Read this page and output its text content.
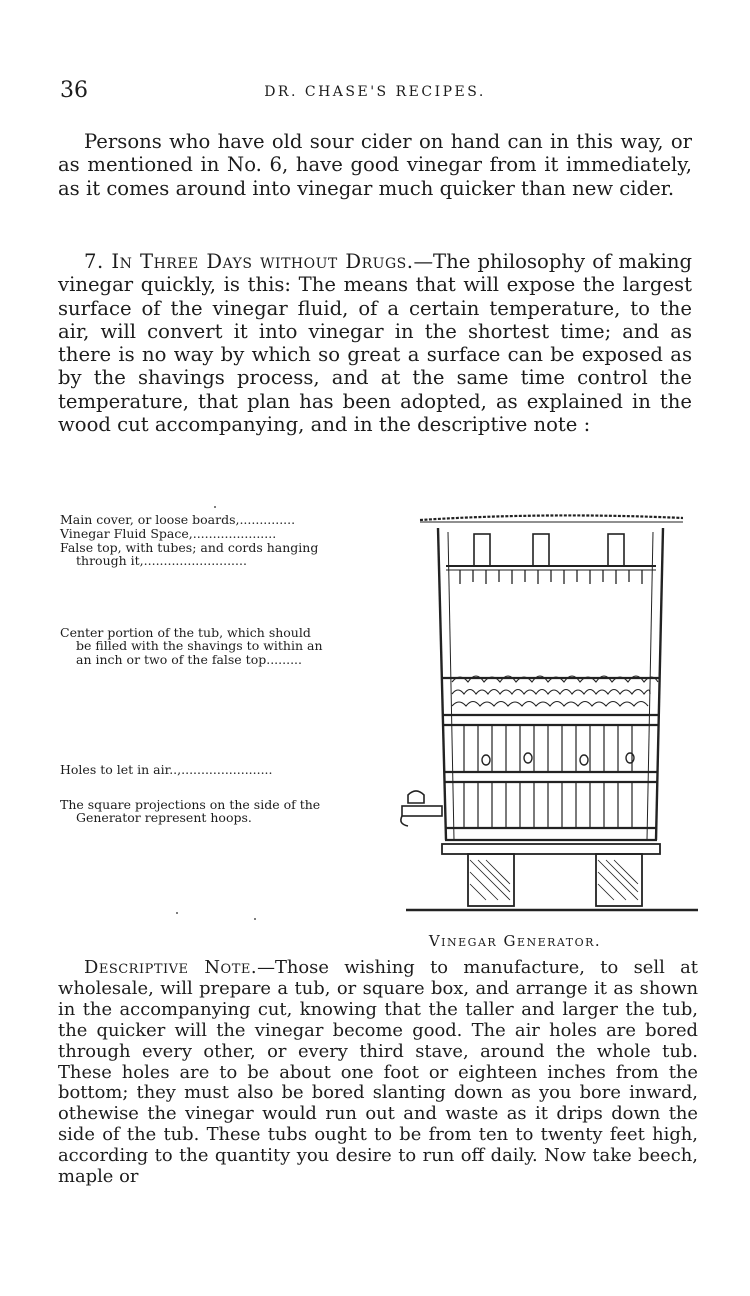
36	DR. CHASE'S RECIPES.

Persons who have old sour cider on hand can in this way, or as mentioned in No. 6, have good vinegar from it immediately, as it comes around into vinegar much quicker than new cider.

7. In Three Days without Drugs.—The philosophy of making vinegar quickly, is this: The means that will expose the largest surface of the vinegar fluid, of a certain temperature, to the air, will convert it into vinegar in the shortest time; and as there is no way by which so great a surface can be exposed as by the shavings process, and at the same time control the temperature, that plan has been adopted, as explained in the wood cut accompanying, and in the descriptive note :

Main cover, or loose boards,..............

Vinegar Fluid Space,.....................

False top, with tubes; and cords hanging
through it,..........................

Center portion of the tub, which should
be filled with the shavings to within an
an inch or two of the false top.........

Holes to let in air..,.......................

The square projections on the side of the
Generator represent hoops.

Vinegar Generator.

Descriptive Note.—Those wishing to manufacture, to sell at wholesale, will prepare a tub, or square box, and arrange it as shown in the accompanying cut, knowing that the taller and larger the tub, the quicker will the vinegar become good. The air holes are bored through every other, or every third stave, around the whole tub. These holes are to be about one foot or eighteen inches from the bottom; they must also be bored slanting down as you bore inward, othewise the vinegar would run out and waste as it drips down the side of the tub. These tubs ought to be from ten to twenty feet high, according to the quantity you desire to run off daily. Now take beech, maple or
